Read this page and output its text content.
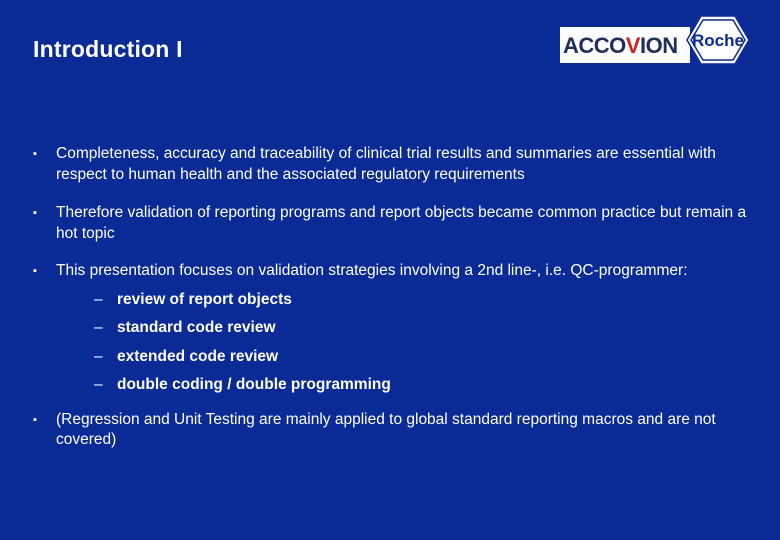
Introduction I	ACCOVION Roche
▪ Completeness, accuracy and traceability of clinical trial results and summaries are essential with respect to human health and the associated regulatory requirements
▪ Therefore validation of reporting programs and report objects became common practice but remain a hot topic
▪ This presentation focuses on validation strategies involving a 2nd line-, i.e. QC-programmer:
– review of report objects
– standard code review
– extended code review
– double coding / double programming
▪ (Regression and Unit Testing are mainly applied to global standard reporting macros and are not covered)
